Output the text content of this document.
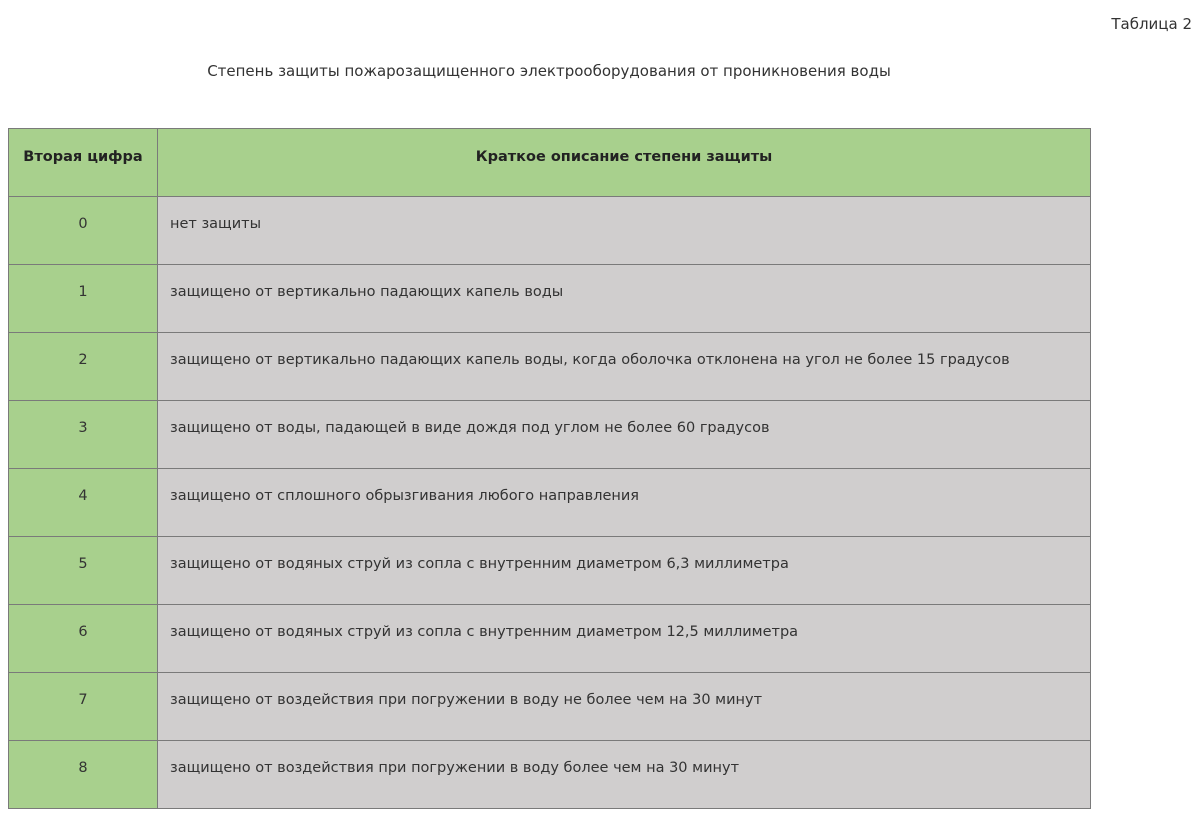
Таблица 2
Степень защиты пожарозащищенного электрооборудования от проникновения воды
Вторая цифра	Краткое описание степени защиты
0	нет защиты
1	защищено от вертикально падающих капель воды
2	защищено от вертикально падающих капель воды, когда оболочка отклонена на угол не более 15 градусов
3	защищено от воды, падающей в виде дождя под углом не более 60 градусов
4	защищено от сплошного обрызгивания любого направления
5	защищено от водяных струй из сопла с внутренним диаметром 6,3 миллиметра
6	защищено от водяных струй из сопла с внутренним диаметром 12,5 миллиметра
7	защищено от воздействия при погружении в воду не более чем на 30 минут
8	защищено от воздействия при погружении в воду более чем на 30 минут
